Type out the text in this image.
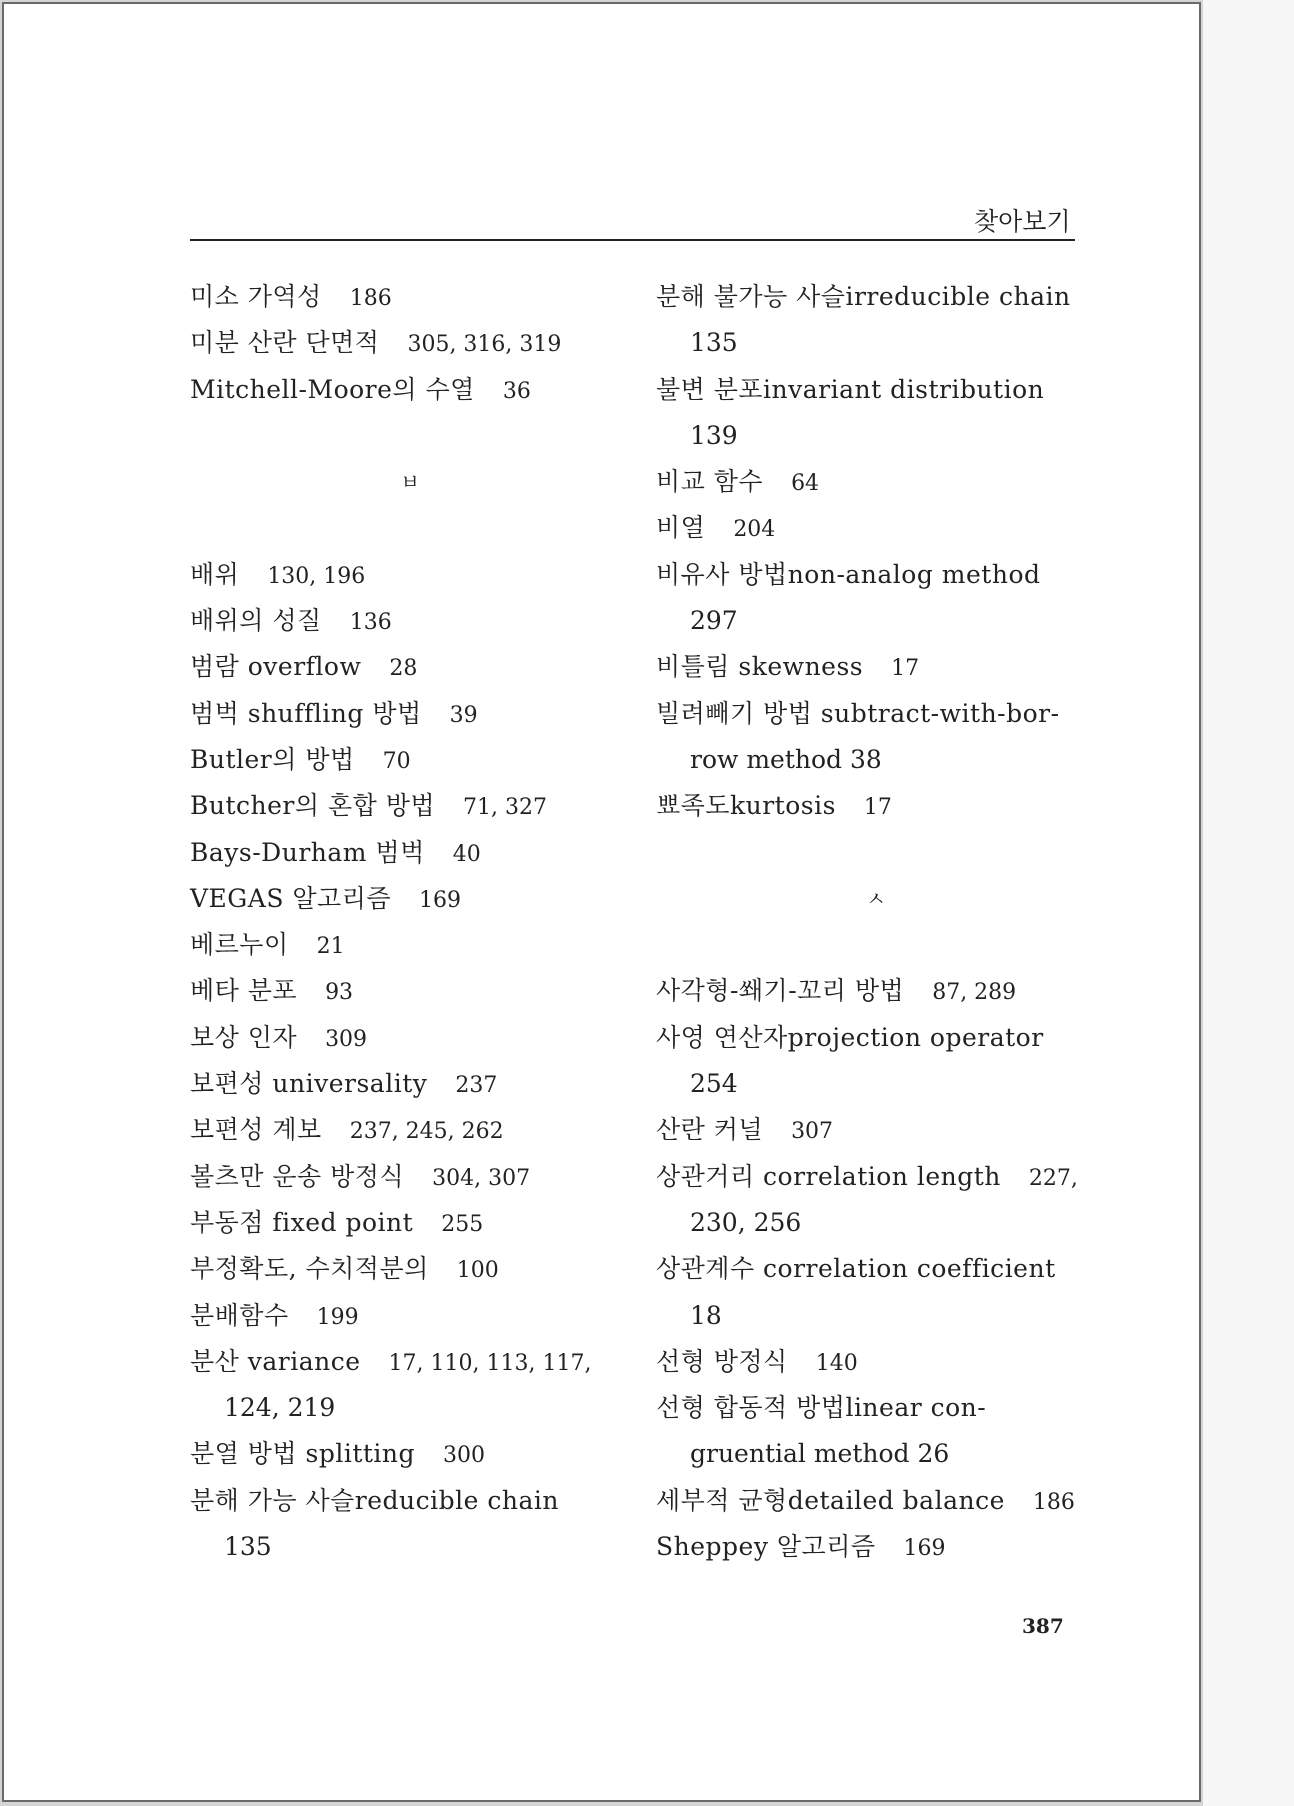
찾아보기
미소 가역성 186
미분 산란 단면적 305, 316, 319
Mitchell-Moore의 수열 36
ㅂ
배위 130, 196
배위의 성질 136
범람 overflow 28
범벅 shuffling 방법 39
Butler의 방법 70
Butcher의 혼합 방법 71, 327
Bays-Durham 범벅 40
VEGAS 알고리즘 169
베르누이 21
베타 분포 93
보상 인자 309
보편성 universality 237
보편성 계보 237, 245, 262
볼츠만 운송 방정식 304, 307
부동점 fixed point 255
부정확도, 수치적분의 100
분배함수 199
분산 variance 17, 110, 113, 117,
124, 219
분열 방법 splitting 300
분해 가능 사슬reducible chain
135
분해 불가능 사슬irreducible chain
135
불변 분포invariant distribution
139
비교 함수 64
비열 204
비유사 방법non-analog method
297
비틀림 skewness 17
빌려빼기 방법 subtract-with-bor-
row method 38
뾰족도kurtosis 17
ㅅ
사각형-쐐기-꼬리 방법 87, 289
사영 연산자projection operator
254
산란 커널 307
상관거리 correlation length 227,
230, 256
상관계수 correlation coefficient
18
선형 방정식 140
선형 합동적 방법linear con-
gruential method 26
세부적 균형detailed balance 186
Sheppey 알고리즘 169
387
